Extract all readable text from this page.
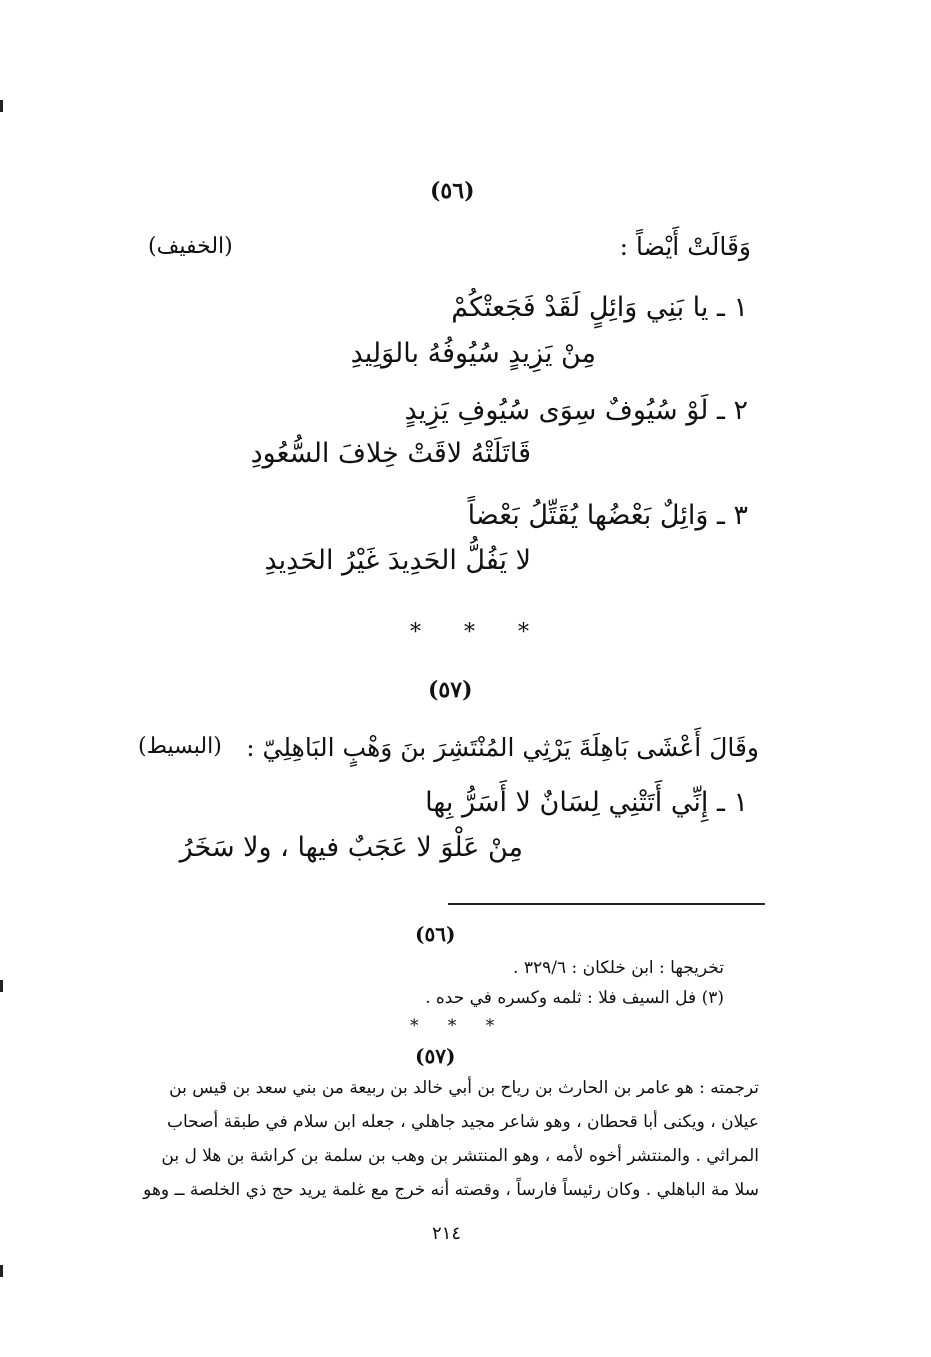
(٥٦)
وَقَالَتْ أَيْضاً :
(الخفيف)
١ ـ يا بَنِي وَائِلٍ لَقَدْ فَجَعتْكُمْ
مِنْ يَزِيدٍ سُيُوفُهُ بالوَلِيدِ
٢ ـ لَوْ سُيُوفٌ سِوَى سُيُوفِ يَزِيدٍ
قَاتَلَتْهُ لاقَتْ خِلافَ السُّعُودِ
٣ ـ وَائِلٌ بَعْضُها يُقَتِّلُ بَعْضاً
لا يَفُلُّ الحَدِيدَ غَيْرُ الحَدِيدِ
* * *
(٥٧)
وقَالَ أَعْشَى بَاهِلَةَ يَرْثِي المُنْتَشِرَ بنَ وَهْبٍ البَاهِلِيّ :
(البسيط)
١ ـ إِنِّي أَتَتْنِي لِسَانٌ لا أَسَرُّ بِها
مِنْ عَلْوَ لا عَجَبٌ فيها ، ولا سَخَرُ
(٥٦)
تخريجها : ابن خلكان : ٣٢٩/٦ .
(٣) فل السيف فلا : ثلمه وكسره في حده .
* * *
(٥٧)
ترجمته : هو عامر بن الحارث بن رياح بن أبي خالد بن ربيعة من بني سعد بن قيس بن
عيلان ، ويكنى أبا قحطان ، وهو شاعر مجيد جاهلي ، جعله ابن سلام في طبقة أصحاب
المراثي . والمنتشر أخوه لأمه ، وهو المنتشر بن وهب بن سلمة بن كراشة بن هلا ل بن
سلا مة الباهلي . وكان رئيساً فارساً ، وقصته أنه خرج مع غلمة يريد حج ذي الخلصة ــ وهو
٢١٤
